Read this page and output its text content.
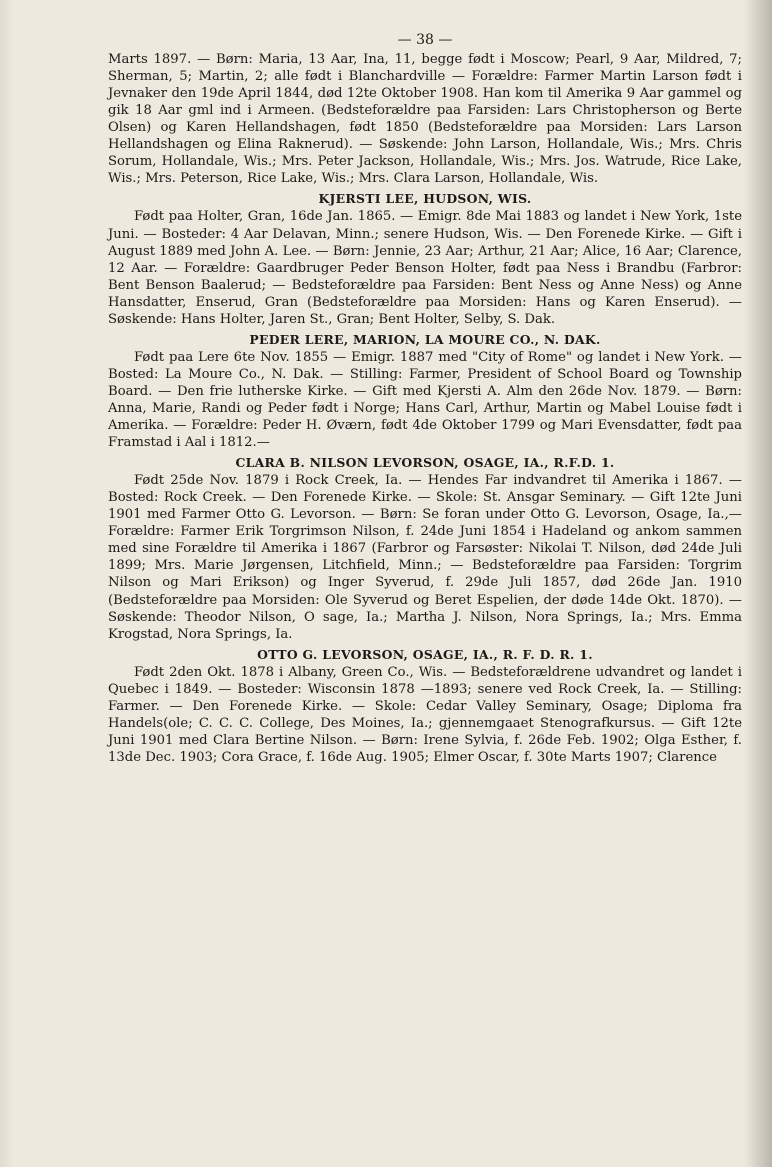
— 38 —

Marts 1897. — Børn: Maria, 13 Aar, Ina, 11, begge født i Moscow; Pearl, 9 Aar, Mildred, 7; Sherman, 5; Martin, 2; alle født i Blanchardville — Forældre: Farmer Martin Larson født i Jevnaker den 19de April 1844, død 12te Oktober 1908. Han kom til Amerika 9 Aar gammel og gik 18 Aar gml ind i Armeen. (Bedsteforældre paa Farsiden: Lars Christopherson og Berte Olsen) og Karen Hellandshagen, født 1850 (Bedsteforældre paa Morsiden: Lars Larson Hellandshagen og Elina Raknerud). — Søskende: John Larson, Hollandale, Wis.; Mrs. Chris Sorum, Hollandale, Wis.; Mrs. Peter Jackson, Hollandale, Wis.; Mrs. Jos. Watrude, Rice Lake, Wis.; Mrs. Peterson, Rice Lake, Wis.; Mrs. Clara Larson, Hollandale, Wis.

KJERSTI LEE, HUDSON, WIS.

Født paa Holter, Gran, 16de Jan. 1865. — Emigr. 8de Mai 1883 og landet i New York, 1ste Juni. — Bosteder: 4 Aar Delavan, Minn.; senere Hudson, Wis. — Den Forenede Kirke. — Gift i August 1889 med John A. Lee. — Børn: Jennie, 23 Aar; Arthur, 21 Aar; Alice, 16 Aar; Clarence, 12 Aar. — Forældre: Gaardbruger Peder Benson Holter, født paa Ness i Brandbu (Farbror: Bent Benson Baalerud; — Bedsteforældre paa Farsiden: Bent Ness og Anne Ness) og Anne Hansdatter, Enserud, Gran (Bedsteforældre paa Morsiden: Hans og Karen Enserud). — Søskende: Hans Holter, Jaren St., Gran; Bent Holter, Selby, S. Dak.

PEDER LERE, MARION, LA MOURE CO., N. DAK.

Født paa Lere 6te Nov. 1855 — Emigr. 1887 med "City of Rome" og landet i New York. — Bosted: La Moure Co., N. Dak. — Stilling: Farmer, President of School Board og Township Board. — Den frie lutherske Kirke. — Gift med Kjersti A. Alm den 26de Nov. 1879. — Børn: Anna, Marie, Randi og Peder født i Norge; Hans Carl, Arthur, Martin og Mabel Louise født i Amerika. — Forældre: Peder H. Øværn, født 4de Oktober 1799 og Mari Evensdatter, født paa Framstad i Aal i 1812.—

CLARA B. NILSON LEVORSON, OSAGE, IA., R.F.D. 1.

Født 25de Nov. 1879 i Rock Creek, Ia. — Hendes Far indvandret til Amerika i 1867. — Bosted: Rock Creek. — Den Forenede Kirke. — Skole: St. Ansgar Seminary. — Gift 12te Juni 1901 med Farmer Otto G. Levorson. — Børn: Se foran under Otto G. Levorson, Osage, Ia.,— Forældre: Farmer Erik Torgrimson Nilson, f. 24de Juni 1854 i Hadeland og ankom sammen med sine Forældre til Amerika i 1867 (Farbror og Farsøster: Nikolai T. Nilson, død 24de Juli 1899; Mrs. Marie Jørgensen, Litchfield, Minn.; — Bedsteforældre paa Farsiden: Torgrim Nilson og Mari Erikson) og Inger Syverud, f. 29de Juli 1857, død 26de Jan. 1910 (Bedsteforældre paa Morsiden: Ole Syverud og Beret Espelien, der døde 14de Okt. 1870). — Søskende: Theodor Nilson, O sage, Ia.; Martha J. Nilson, Nora Springs, Ia.; Mrs. Emma Krogstad, Nora Springs, Ia.

OTTO G. LEVORSON, OSAGE, IA., R. F. D. R. 1.

Født 2den Okt. 1878 i Albany, Green Co., Wis. — Bedsteforældrene udvandret og landet i Quebec i 1849. — Bosteder: Wisconsin 1878 —1893; senere ved Rock Creek, Ia. — Stilling: Farmer. — Den Forenede Kirke. — Skole: Cedar Valley Seminary, Osage; Diploma fra Handels(ole; C. C. C. College, Des Moines, Ia.; gjennemgaaet Stenografkursus. — Gift 12te Juni 1901 med Clara Bertine Nilson. — Børn: Irene Sylvia, f. 26de Feb. 1902; Olga Esther, f. 13de Dec. 1903; Cora Grace, f. 16de Aug. 1905; Elmer Oscar, f. 30te Marts 1907; Clarence
